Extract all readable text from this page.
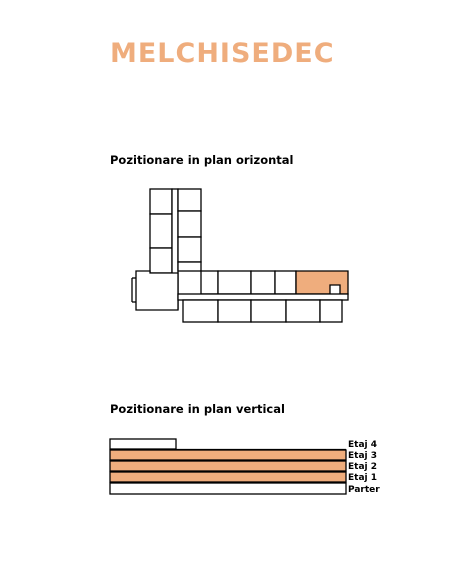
MELCHISEDEC
Pozitionare in plan orizontal
Pozitionare in plan vertical
Etaj 4
Etaj 3
Etaj 2
Etaj 1
Parter
